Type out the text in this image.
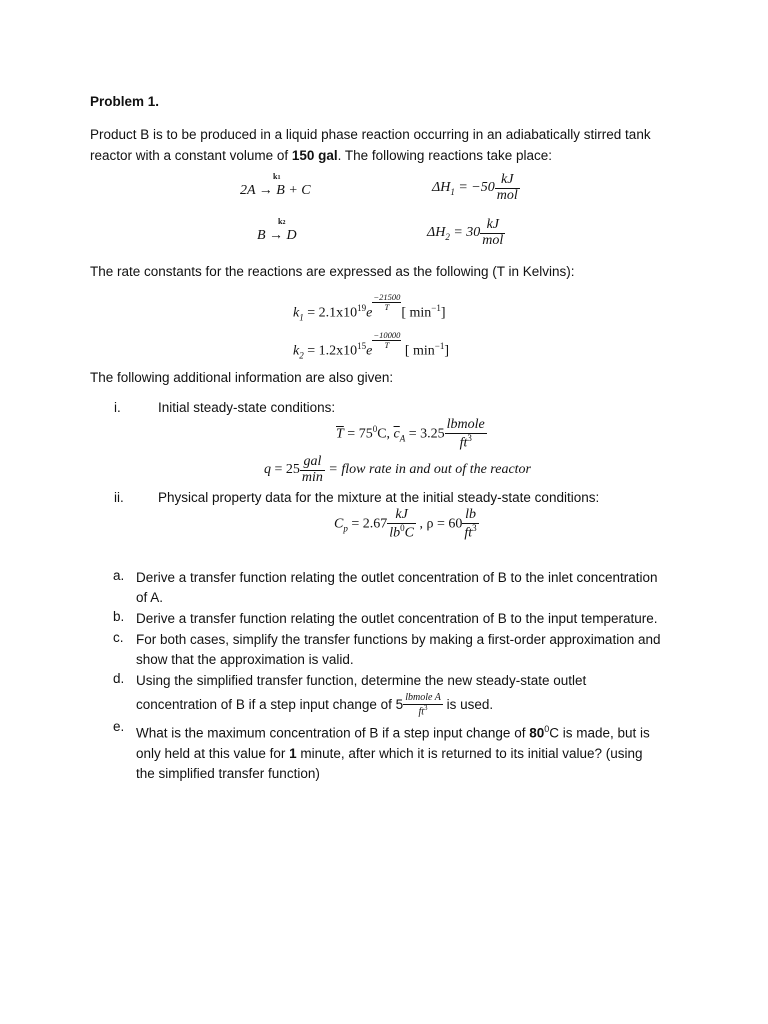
Problem 1.
Product B is to be produced in a liquid phase reaction occurring in an adiabatically stirred tank
reactor with a constant volume of 150 gal. The following reactions take place:
k1
2A → B + C	$\Delta H_1 = -50 \frac{kJ}{\text{mol}}$
k2
B → D	$\Delta H_2 = 30 \frac{kJ}{\text{mol}}$
The rate constants for the reactions are expressed as the following (T in Kelvins):
$k_1 = 2.1x10^{19}e$
$\frac{-21500}{T}$
[ $\min^{-1}$]
$k_2 = 1.2x10^{15}e$
$\frac{-10000}{T}$
[ $\min^{-1}$]
The following additional information are also given:
i.	Initial steady-state conditions:
$\overline{T} = 75^0C$, $\overline{c}_A = 3.25 \frac{\text{lbmole}}{ft^3}$
$q = 25 \frac{\text{gal}}{\min}$ = flow rate in and out of the reactor
ii.	Physical property data for the mixture at the initial steady-state conditions:
$C_p = 2.67 \frac{kJ}{lb^0C}$ , $\rho = 60 \frac{lb}{ft^3}$
a. Derive a transfer function relating the outlet concentration of B to the inlet concentration
of A.
b. Derive a transfer function relating the outlet concentration of B to the input temperature.
c. For both cases, simplify the transfer functions by making a first-order approximation and
show that the approximation is valid.
d. Using the simplified transfer function, determine the new steady-state outlet
concentration of B if a step input change of $5 \frac{\text{lbmole A}}{ft^3}$ is used.
e. What is the maximum concentration of B if a step input change of $80^0C$ is made, but is
only held at this value for 1 minute, after which it is returned to its initial value? (using
the simplified transfer function)
